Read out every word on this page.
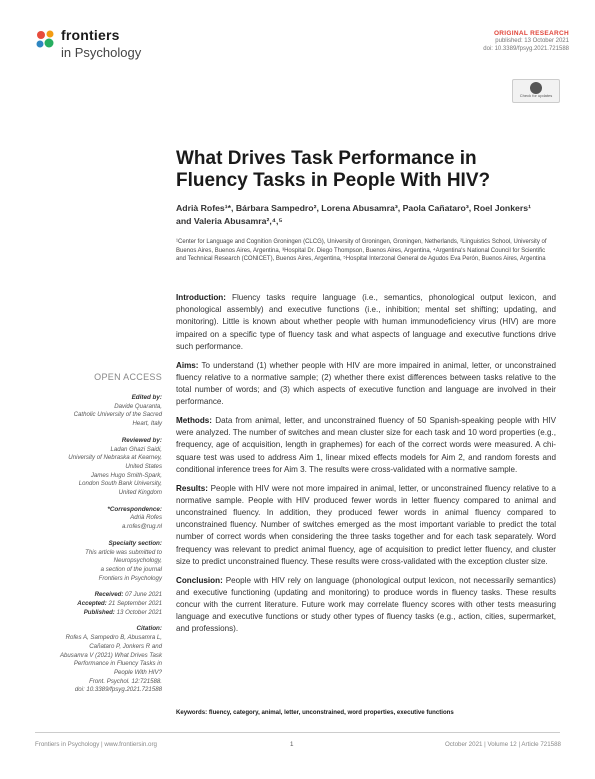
frontiers
in Psychology
ORIGINAL RESEARCH
published: 13 October 2021
doi: 10.3389/fpsyg.2021.721588
Check for updates
What Drives Task Performance in Fluency Tasks in People With HIV?
Adrià Rofes¹*, Bárbara Sampedro², Lorena Abusamra³, Paola Cañataro³, Roel Jonkers¹ and Valeria Abusamra²,⁴,⁵
¹Center for Language and Cognition Groningen (CLCG), University of Groningen, Groningen, Netherlands, ²Linguistics School, University of Buenos Aires, Buenos Aires, Argentina, ³Hospital Dr. Diego Thompson, Buenos Aires, Argentina, ⁴Argentina's National Council for Scientific and Technical Research (CONICET), Buenos Aires, Argentina, ⁵Hospital Interzonal General de Agudos Eva Perón, Buenos Aires, Argentina
OPEN ACCESS
Edited by:
Davide Quaranta,
Catholic University of the Sacred
Heart, Italy
Reviewed by:
Ladan Ghazi Saidi,
University of Nebraska at Kearney,
United States
James Hugo Smith-Spark,
London South Bank University,
United Kingdom
*Correspondence:
Adrià Rofes
a.rofes@rug.nl
Specialty section:
This article was submitted to
Neuropsychology,
a section of the journal
Frontiers in Psychology
Received: 07 June 2021
Accepted: 21 September 2021
Published: 13 October 2021
Citation:
Rofes A, Sampedro B, Abusamra L,
Cañataro P, Jonkers R and
Abusamra V (2021) What Drives Task
Performance in Fluency Tasks in
People With HIV?
Front. Psychol. 12:721588.
doi: 10.3389/fpsyg.2021.721588

Introduction: Fluency tasks require language (i.e., semantics, phonological output lexicon, and phonological assembly) and executive functions (i.e., inhibition; mental set shifting; updating, and monitoring). Little is known about whether people with human immunodeficiency virus (HIV) are more impaired on a specific type of fluency task and what aspects of language and executive functions drive such performance.

Aims: To understand (1) whether people with HIV are more impaired in animal, letter, or unconstrained fluency relative to a normative sample; (2) whether there exist differences between tasks relative to the total number of words; and (3) which aspects of executive function and language are involved in their performance.

Methods: Data from animal, letter, and unconstrained fluency of 50 Spanish-speaking people with HIV were analyzed. The number of switches and mean cluster size for each task and 10 word properties (e.g., frequency, age of acquisition, length in graphemes) for each of the correct words were measured. A chi-square test was used to address Aim 1, linear mixed effects models for Aim 2, and random forests and conditional inference trees for Aim 3. The results were cross-validated with a normative sample.

Results: People with HIV were not more impaired in animal, letter, or unconstrained fluency relative to a normative sample. People with HIV produced fewer words in letter fluency compared to animal and unconstrained fluency. In addition, they produced fewer words in animal fluency compared to unconstrained fluency. Number of switches emerged as the most important variable to predict the total number of correct words when considering the three tasks together and for each task separately. Word frequency was relevant to predict animal fluency, age of acquisition to predict letter fluency, and cluster size to predict unconstrained fluency. These results were cross-validated with the exception cluster size.

Conclusion: People with HIV rely on language (phonological output lexicon, not necessarily semantics) and executive functioning (updating and monitoring) to produce words in fluency tasks. These results concur with the current literature. Future work may correlate fluency scores with other tests measuring language and executive functions or study other types of fluency tasks (e.g., action, cities, supermarket, and professions).

Keywords: fluency, category, animal, letter, unconstrained, word properties, executive functions
Frontiers in Psychology | www.frontiersin.org	1	October 2021 | Volume 12 | Article 721588
